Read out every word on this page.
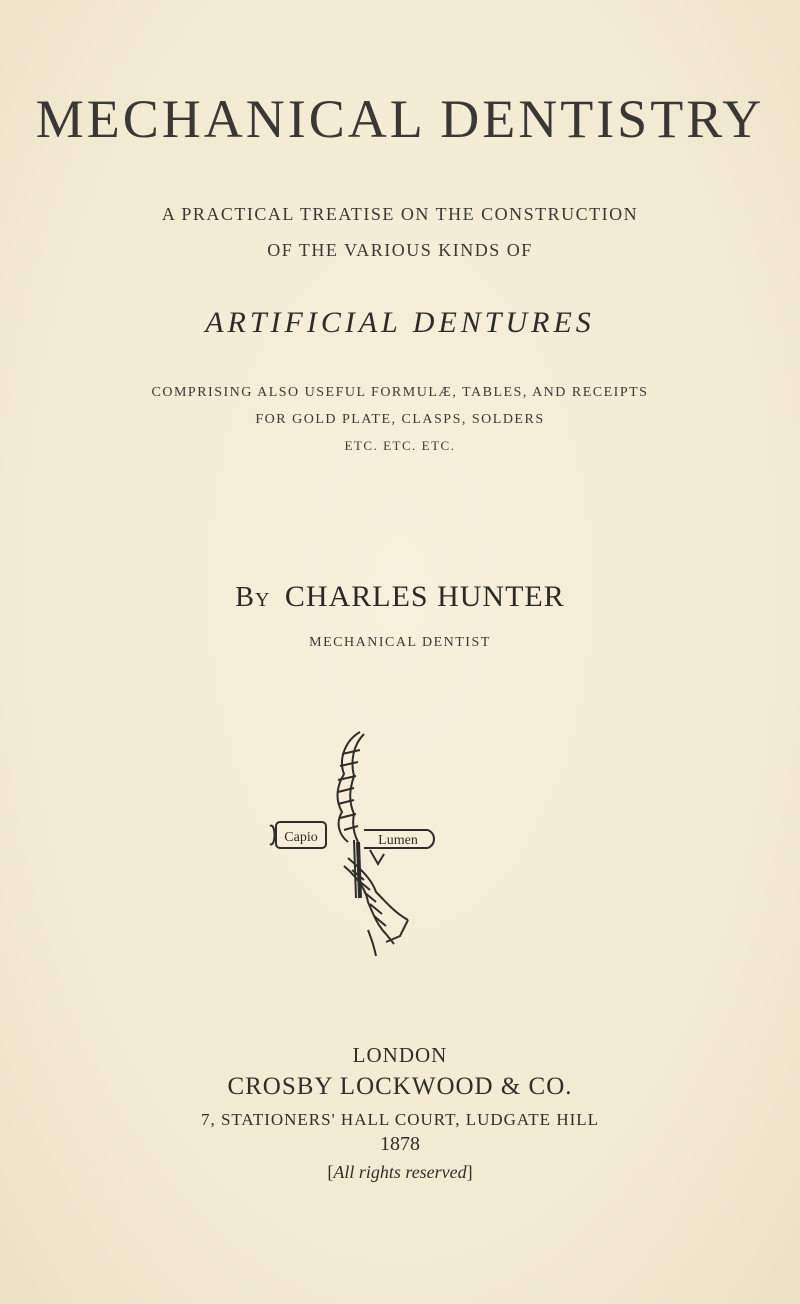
MECHANICAL DENTISTRY
A PRACTICAL TREATISE ON THE CONSTRUCTION
OF THE VARIOUS KINDS OF
ARTIFICIAL DENTURES
COMPRISING ALSO USEFUL FORMULÆ, TABLES, AND RECEIPTS
FOR GOLD PLATE, CLASPS, SOLDERS
ETC. ETC. ETC.
By CHARLES HUNTER
MECHANICAL DENTIST
Capio	Lumen
LONDON
CROSBY LOCKWOOD & CO.
7, STATIONERS' HALL COURT, LUDGATE HILL
1878
[All rights reserved]
